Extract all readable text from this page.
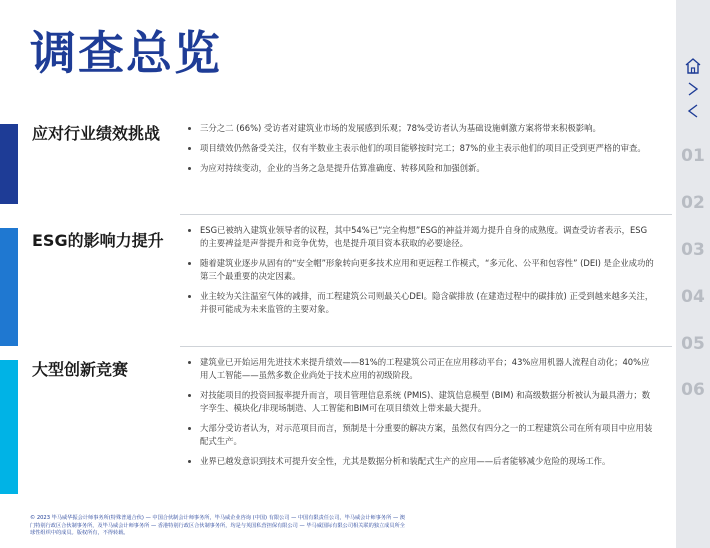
调查总览
应对行业绩效挑战	三分之二 (66%) 受访者对建筑业市场的发展感到乐观；78%受访者认为基础设施刺激方案将带来积极影响。
项目绩效仍然备受关注，仅有半数业主表示他们的项目能够按时完工；87%的业主表示他们的项目正受到更严格的审查。
为应对持续变动，企业的当务之急是提升估算准确度、转移风险和加强创新。
ESG的影响力提升
ESG已被纳入建筑业领导者的议程，其中54%已“完全构想”ESG的神益并竭力提升自身的成熟度。调查受访者表示，ESG的主要裨益是声誉提升和竞争优势，也是提升项目资本获取的必要途径。
随着建筑业逐步从固有的“安全帽”形象转向更多技术应用和更远程工作模式，“多元化、公平和包容性” (DEI) 是企业成功的第三个最重要的决定因素。
业主较为关注温室气体的减排，而工程建筑公司则最关心DEI。隐含碳排放 (在建造过程中的碳排放) 正受到越来越多关注，并很可能成为未来监管的主要对象。
大型创新竞赛	建筑业已开始运用先进技术来提升绩效——81%的工程建筑公司正在应用移动平台；43%应用机器人流程自动化；40%应用人工智能——虽然多数企业尚处于技术应用的初级阶段。
对技能项目的投资回报率提升而言，项目管理信息系统 (PMIS)、建筑信息模型 (BIM) 和高级数据分析被认为最具潜力；数字孪生、模块化/非现场制造、人工智能和BIM可在项目绩效上带来最大提升。
大部分受访者认为，对示范项目而言，预制是十分重要的解决方案，虽然仅有四分之一的工程建筑公司在所有项目中应用装配式生产。
业界已越发意识到技术可提升安全性，尤其是数据分析和装配式生产的应用——后者能够减少危险的现场工作。
© 2023 毕马威华振会计师事务所(特殊普通合伙) — 中国合伙制会计师事务所，毕马威企业咨询 (中国) 有限公司 — 中国有限责任公司，毕马威会计师事务所 — 澳门特别行政区合伙制事务所，及毕马威会计师事务所 — 香港特别行政区合伙制事务所，均是与英国私营担保有限公司 — 毕马威国际有限公司相关联的独立成员所全球性组织中的成员。版权所有，不得转载。
01
02
03
04
05
06
